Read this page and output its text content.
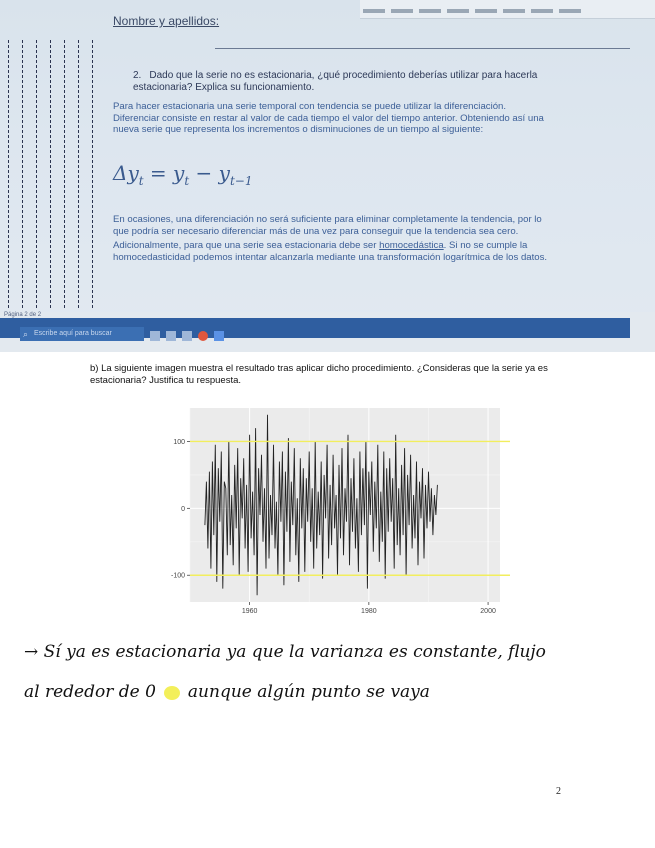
Nombre y apellidos:
2. Dado que la serie no es estacionaria, ¿qué procedimiento deberías utilizar para hacerla estacionaria? Explica su funcionamiento.
Para hacer estacionaria una serie temporal con tendencia se puede utilizar la diferenciación. Diferenciar consiste en restar al valor de cada tiempo el valor del tiempo anterior. Obteniendo así una nueva serie que representa los incrementos o disminuciones de un tiempo al siguiente:
$\Delta y_t = y_t - y_{t-1}$
En ocasiones, una diferenciación no será suficiente para eliminar completamente la tendencia, por lo que podría ser necesario diferenciar más de una vez para conseguir que la tendencia sea cero.
Adicionalmente, para que una serie sea estacionaria debe ser homocedástica. Si no se cumple la homocedasticidad podemos intentar alcanzarla mediante una transformación logarítmica de los datos.
Página 2 de 2
⌕ Escribe aquí para buscar
b) La siguiente imagen muestra el resultado tras aplicar dicho procedimiento. ¿Consideras que la serie ya es estacionaria? Justifica tu respuesta.
100
0
-100
1960	1980	2000
→ Sí ya es estacionaria ya que la varianza es constante, flujo
al rededor de 0 aunque algún punto se vaya
2
